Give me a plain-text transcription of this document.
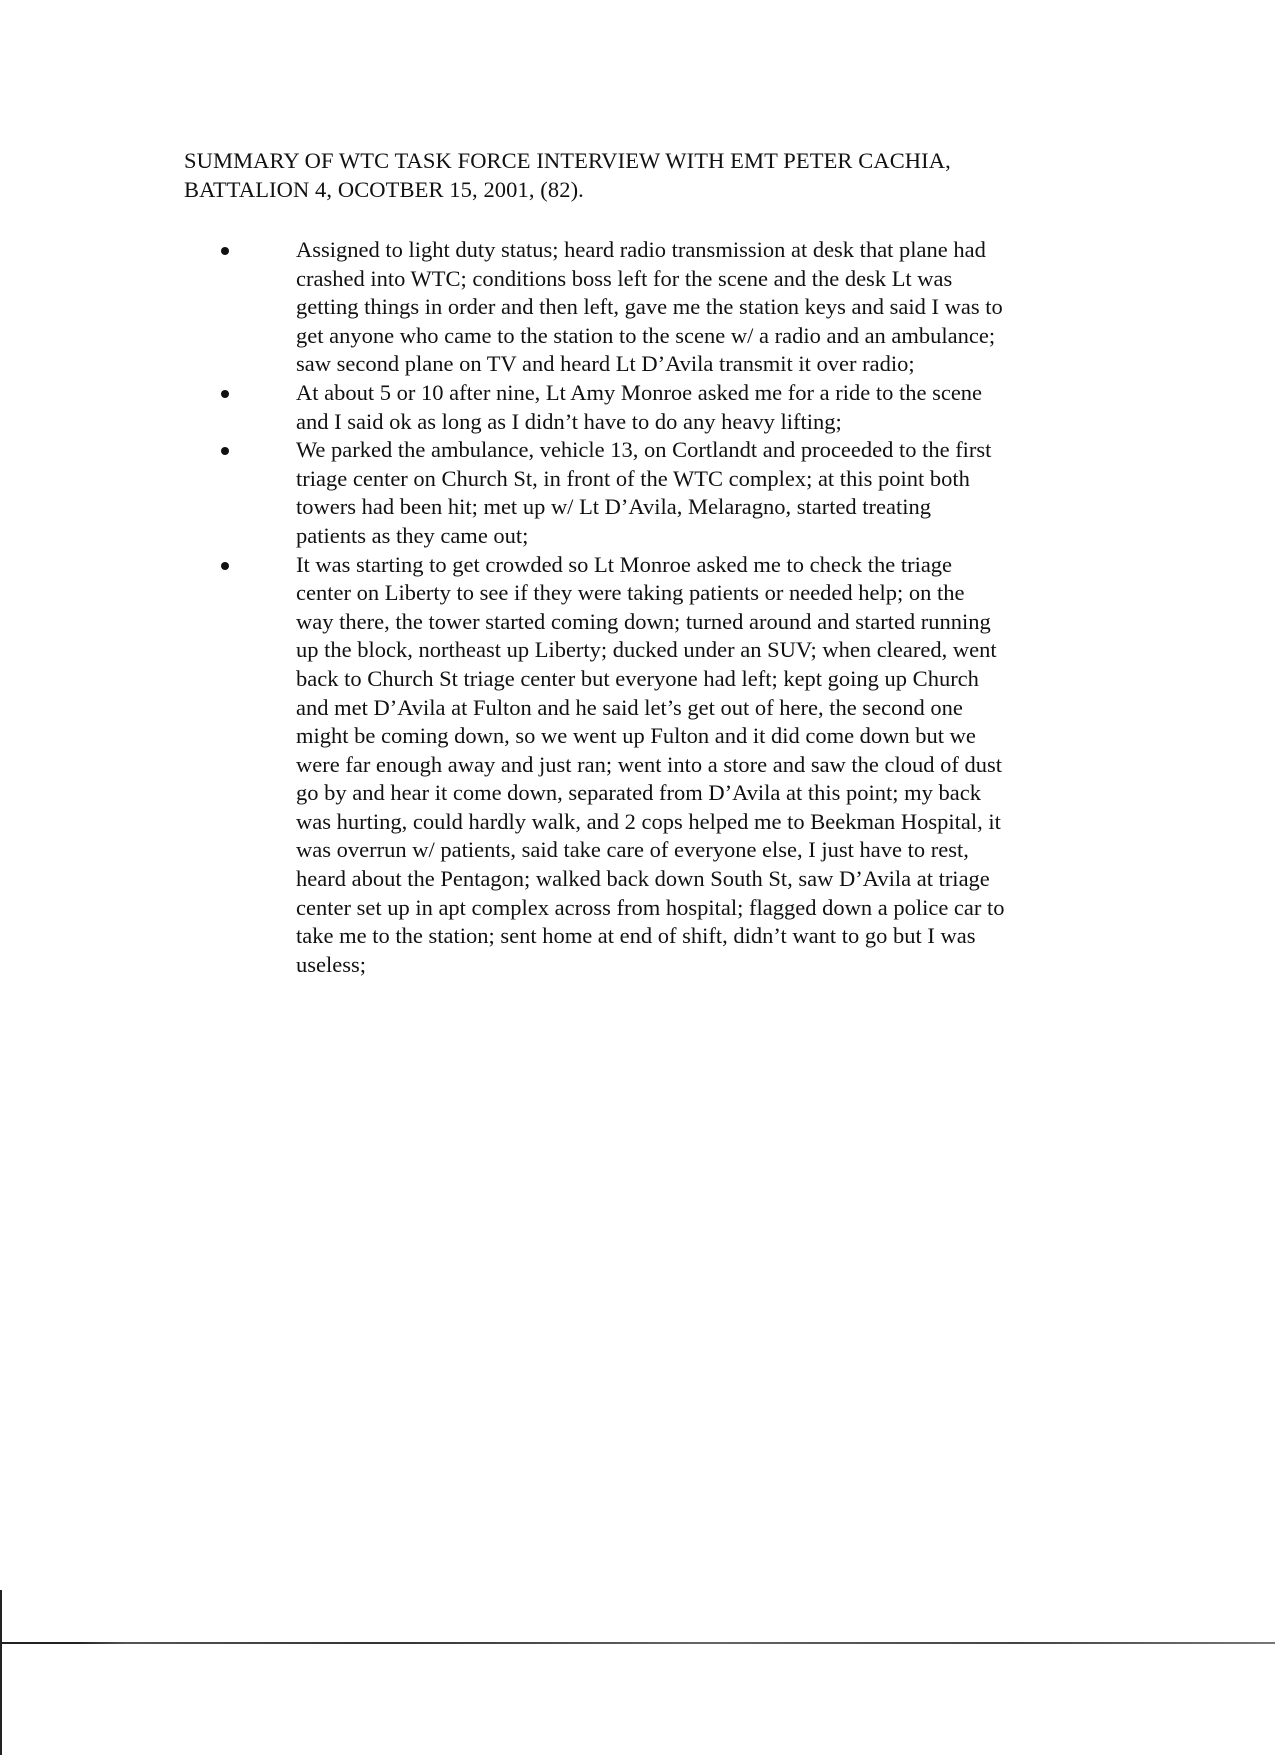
SUMMARY OF WTC TASK FORCE INTERVIEW WITH EMT PETER CACHIA,
BATTALION 4, OCOTBER 15, 2001, (82).
Assigned to light duty status; heard radio transmission at desk that plane had
crashed into WTC; conditions boss left for the scene and the desk Lt was
getting things in order and then left, gave me the station keys and said I was to
get anyone who came to the station to the scene w/ a radio and an ambulance;
saw second plane on TV and heard Lt D’Avila transmit it over radio;
At about 5 or 10 after nine, Lt Amy Monroe asked me for a ride to the scene
and I said ok as long as I didn’t have to do any heavy lifting;
We parked the ambulance, vehicle 13, on Cortlandt and proceeded to the first
triage center on Church St, in front of the WTC complex; at this point both
towers had been hit; met up w/ Lt D’Avila, Melaragno, started treating
patients as they came out;
It was starting to get crowded so Lt Monroe asked me to check the triage
center on Liberty to see if they were taking patients or needed help; on the
way there, the tower started coming down; turned around and started running
up the block, northeast up Liberty; ducked under an SUV; when cleared, went
back to Church St triage center but everyone had left; kept going up Church
and met D’Avila at Fulton and he said let’s get out of here, the second one
might be coming down, so we went up Fulton and it did come down but we
were far enough away and just ran; went into a store and saw the cloud of dust
go by and hear it come down, separated from D’Avila at this point; my back
was hurting, could hardly walk, and 2 cops helped me to Beekman Hospital, it
was overrun w/ patients, said take care of everyone else, I just have to rest,
heard about the Pentagon; walked back down South St, saw D’Avila at triage
center set up in apt complex across from hospital; flagged down a police car to
take me to the station; sent home at end of shift, didn’t want to go but I was
useless;
